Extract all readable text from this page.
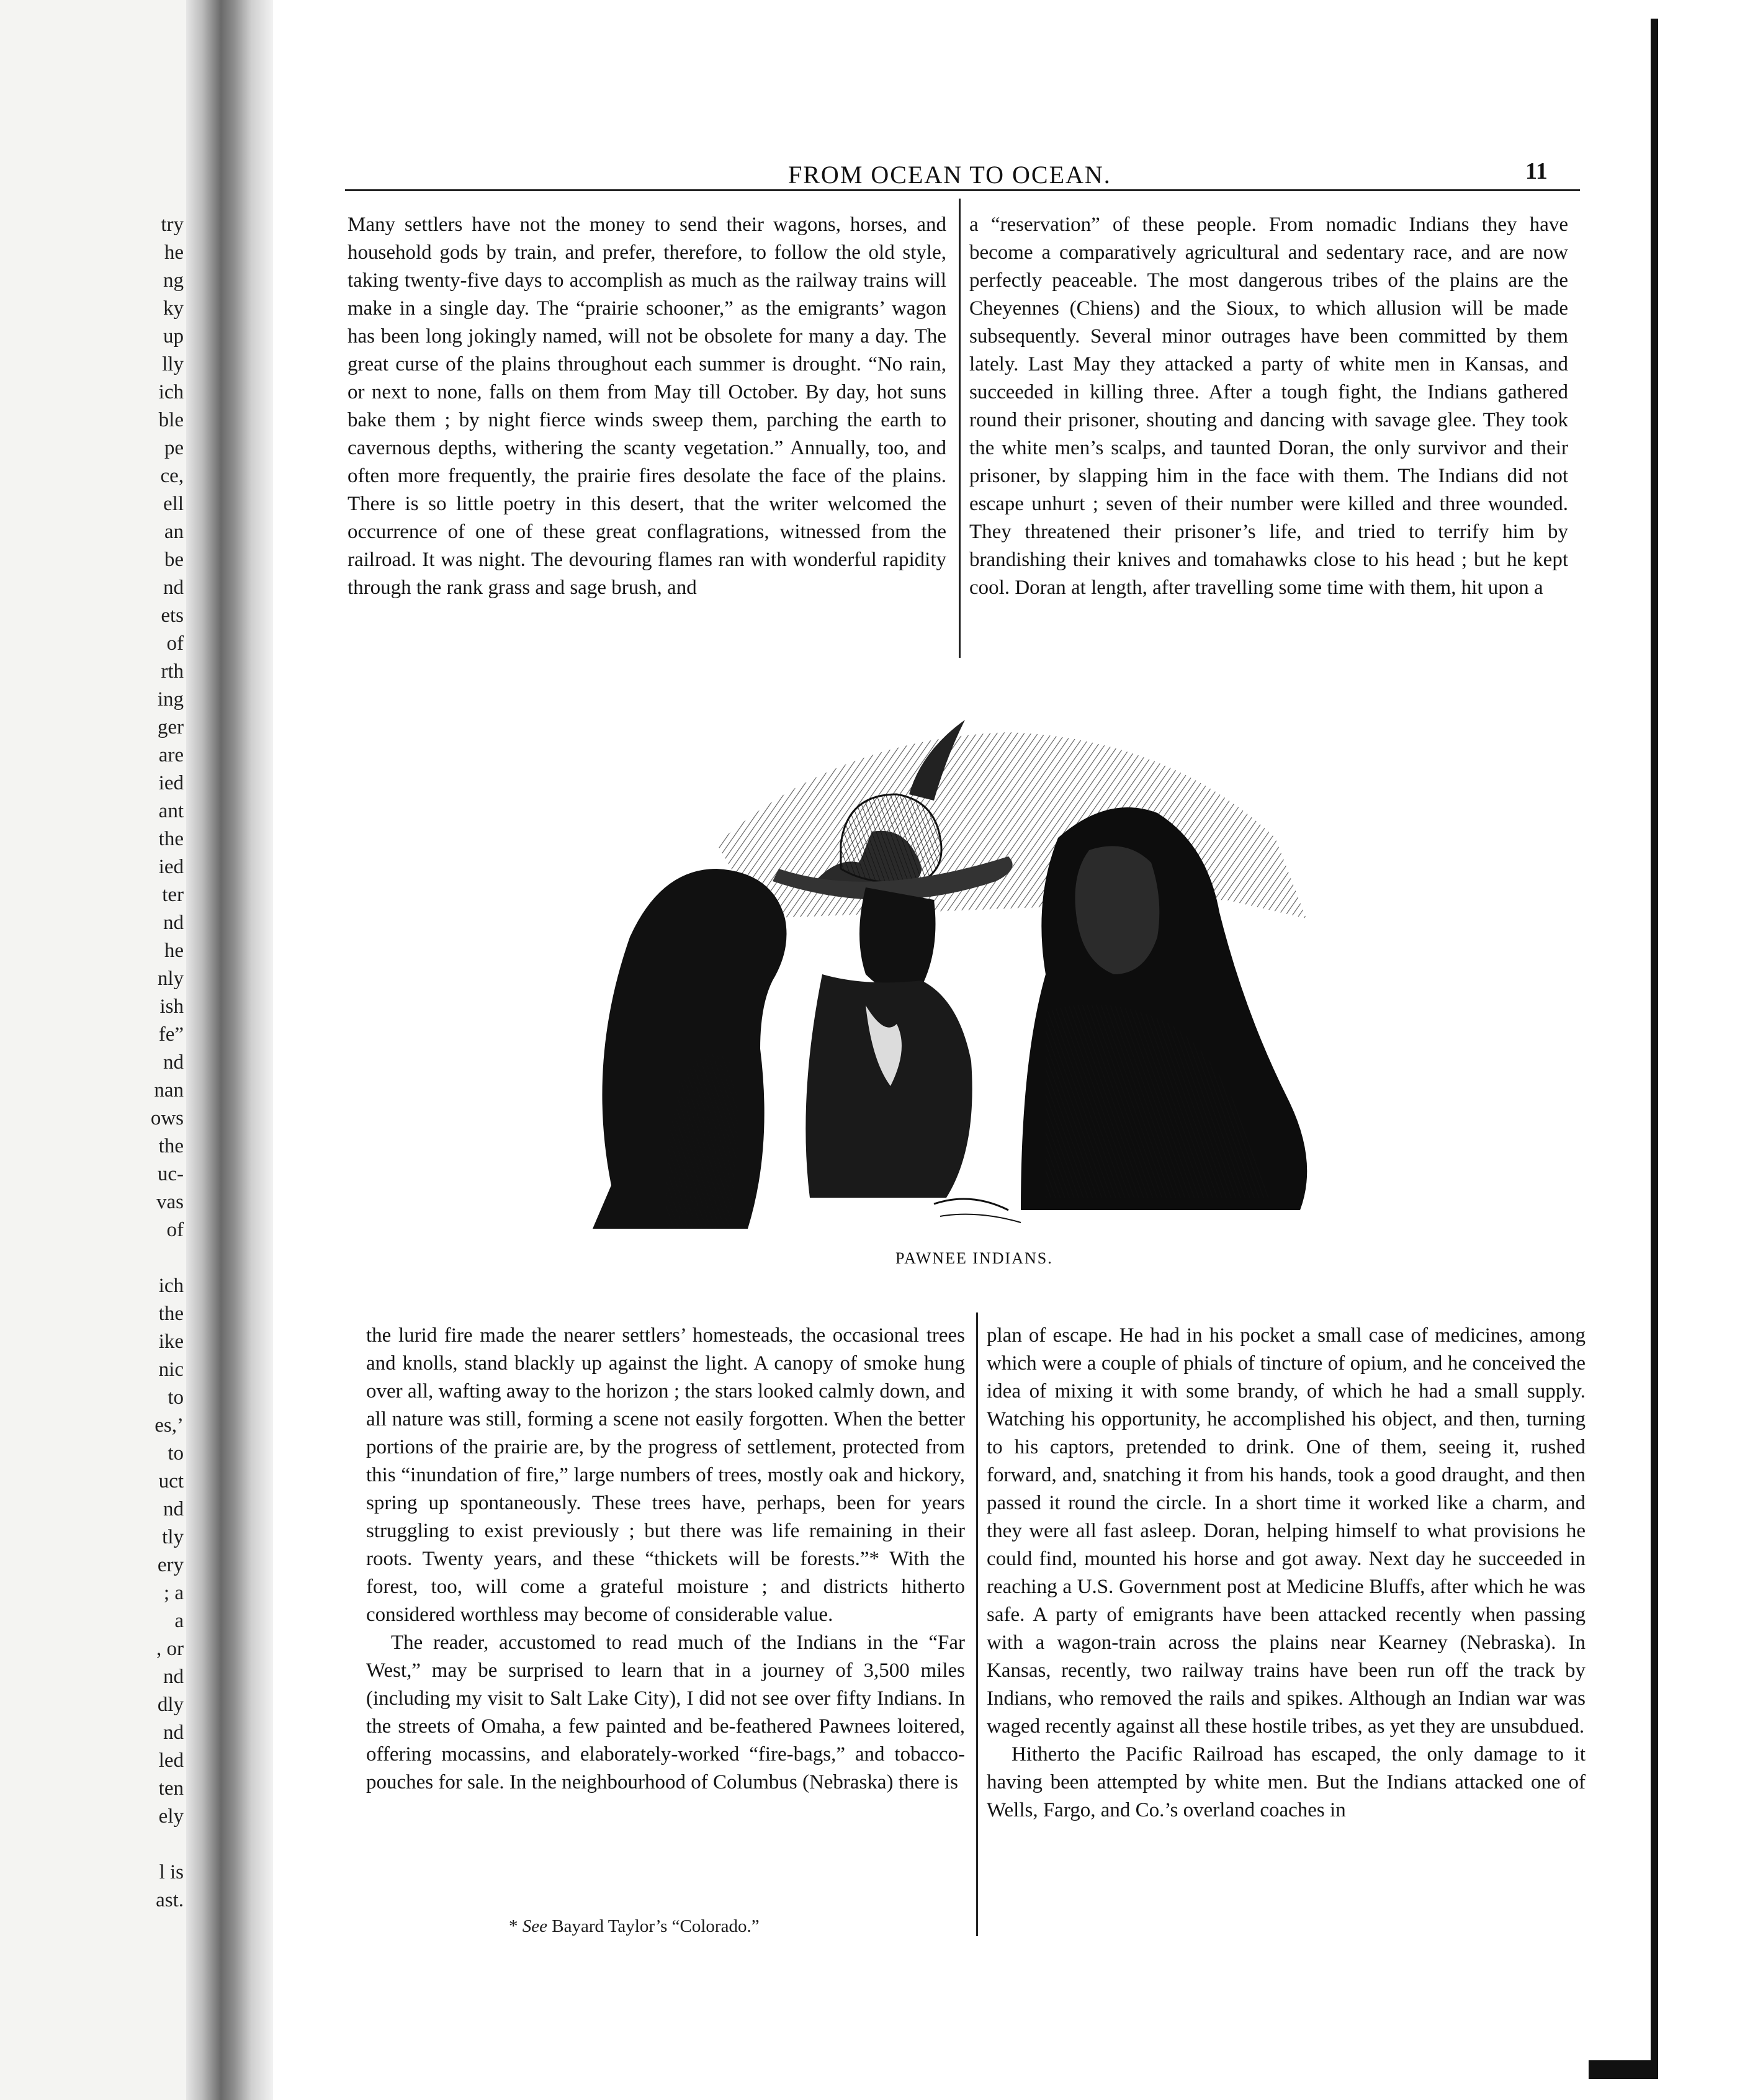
try
he
ng
ky
up
lly
ich
ble
pe
ce,
ell
an
be
nd
ets
of
rth
ing
ger
are
ied
ant
the
ied
ter
nd
he
nly
ish
fe”
nd
nan
ows
the
uc-
vas
of
ich
the
ike
nic
to
es,’
to
uct
nd
tly
ery
; a
a
, or
nd
dly
nd
led
ten
ely
l is
ast.
FROM OCEAN TO OCEAN.	11

Many settlers have not the money to send their wagons, horses, and household gods by train, and prefer, therefore, to follow the old style, taking twenty-five days to accomplish as much as the railway trains will make in a single day. The “prairie schooner,” as the emigrants’ wagon has been long jokingly named, will not be obsolete for many a day. The great curse of the plains throughout each summer is drought. “No rain, or next to none, falls on them from May till October. By day, hot suns bake them ; by night fierce winds sweep them, parching the earth to cavernous depths, withering the scanty vegetation.” Annually, too, and often more frequently, the prairie fires desolate the face of the plains. There is so little poetry in this desert, that the writer welcomed the occurrence of one of these great conflagrations, witnessed from the railroad. It was night. The devouring flames ran with wonderful rapidity through the rank grass and sage brush, and

a “reservation” of these people. From nomadic Indians they have become a comparatively agricultural and sedentary race, and are now perfectly peaceable. The most dangerous tribes of the plains are the Cheyennes (Chiens) and the Sioux, to which allusion will be made subsequently. Several minor outrages have been committed by them lately. Last May they attacked a party of white men in Kansas, and succeeded in killing three. After a tough fight, the Indians gathered round their prisoner, shouting and dancing with savage glee. They took the white men’s scalps, and taunted Doran, the only survivor and their prisoner, by slapping him in the face with them. The Indians did not escape unhurt ; seven of their number were killed and three wounded. They threatened their prisoner’s life, and tried to terrify him by brandishing their knives and tomahawks close to his head ; but he kept cool. Doran at length, after travelling some time with them, hit upon a

PAWNEE INDIANS.

the lurid fire made the nearer settlers’ homesteads, the occasional trees and knolls, stand blackly up against the light. A canopy of smoke hung over all, wafting away to the horizon ; the stars looked calmly down, and all nature was still, forming a scene not easily forgotten. When the better portions of the prairie are, by the progress of settlement, protected from this “inundation of fire,” large numbers of trees, mostly oak and hickory, spring up spontaneously. These trees have, perhaps, been for years struggling to exist previously ; but there was life remaining in their roots. Twenty years, and these “thickets will be forests.”* With the forest, too, will come a grateful moisture ; and districts hitherto considered worthless may become of considerable value.

The reader, accustomed to read much of the Indians in the “Far West,” may be surprised to learn that in a journey of 3,500 miles (including my visit to Salt Lake City), I did not see over fifty Indians. In the streets of Omaha, a few painted and be-feathered Pawnees loitered, offering mocassins, and elaborately-worked “fire-bags,” and tobacco-pouches for sale. In the neighbourhood of Columbus (Nebraska) there is

* See Bayard Taylor’s “Colorado.”

plan of escape. He had in his pocket a small case of medicines, among which were a couple of phials of tincture of opium, and he conceived the idea of mixing it with some brandy, of which he had a small supply. Watching his opportunity, he accomplished his object, and then, turning to his captors, pretended to drink. One of them, seeing it, rushed forward, and, snatching it from his hands, took a good draught, and then passed it round the circle. In a short time it worked like a charm, and they were all fast asleep. Doran, helping himself to what provisions he could find, mounted his horse and got away. Next day he succeeded in reaching a U.S. Government post at Medicine Bluffs, after which he was safe. A party of emigrants have been attacked recently when passing with a wagon-train across the plains near Kearney (Nebraska). In Kansas, recently, two railway trains have been run off the track by Indians, who removed the rails and spikes. Although an Indian war was waged recently against all these hostile tribes, as yet they are unsubdued.

Hitherto the Pacific Railroad has escaped, the only damage to it having been attempted by white men. But the Indians attacked one of Wells, Fargo, and Co.’s overland coaches in
